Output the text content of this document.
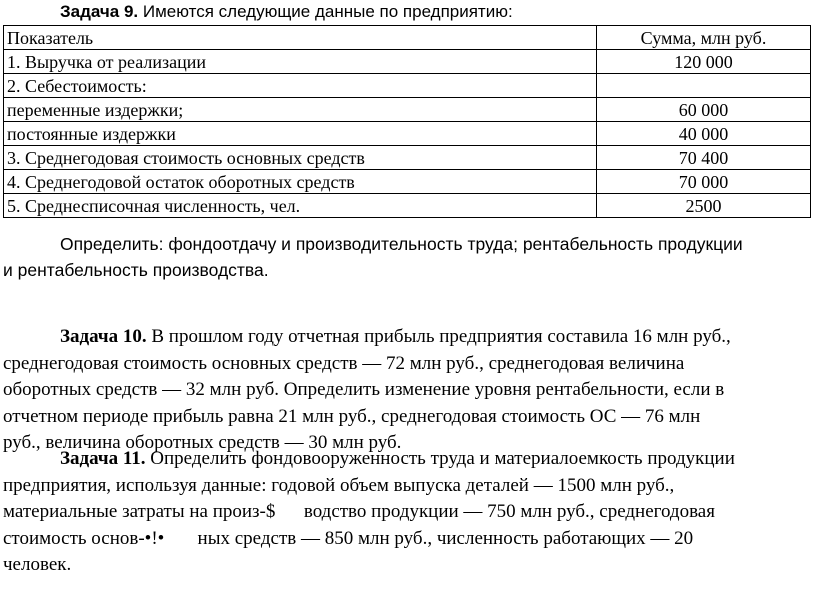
Задача 9. Имеются следующие данные по предприятию:
Показатель	Сумма, млн руб.
1. Выручка от реализации	120 000
2. Себестоимость:	
переменные издержки;	60 000
постоянные издержки	40 000
3. Среднегодовая стоимость основных средств	70 400
4. Среднегодовой остаток оборотных средств	70 000
5. Среднесписочная численность, чел.	2500

Определить: фондоотдачу и производительность труда; рентабельность продукции
и рентабельность производства.

Задача 10. В прошлом году отчетная прибыль предприятия составила 16 млн руб.,
среднегодовая стоимость основных средств — 72 млн руб., среднегодовая величина
оборотных средств — 32 млн руб. Определить изменение уровня рентабельности, если в
отчетном периоде прибыль равна 21 млн руб., среднегодовая стоимость ОС — 76 млн
руб., величина оборотных средств — 30 млн руб.

Задача 11. Определить фондовооруженность труда и материалоемкость продукции
предприятия, используя данные: годовой объем выпуска деталей — 1500 млн руб.,
материальные затраты на произ-$      водство продукции — 750 млн руб., среднегодовая
стоимость основ-•!•       ных средств — 850 млн руб., численность работающих — 20
человек.
